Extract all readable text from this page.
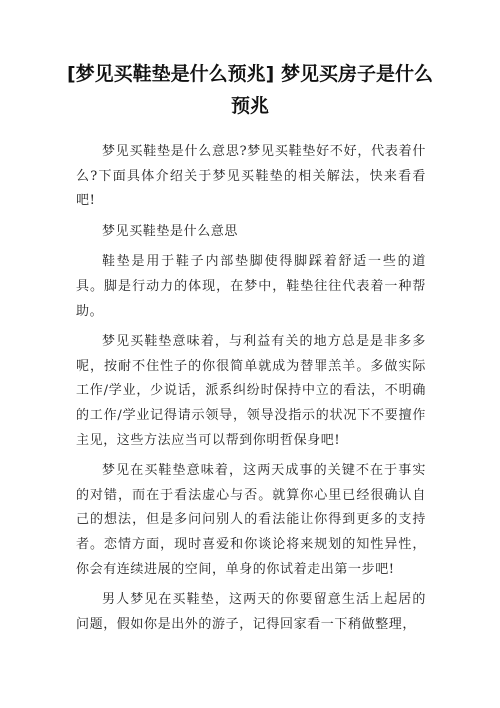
[梦见买鞋垫是什么预兆] 梦见买房子是什么预兆

梦见买鞋垫是什么意思?梦见买鞋垫好不好，代表着什么?下面具体介绍关于梦见买鞋垫的相关解法，快来看看吧!

梦见买鞋垫是什么意思

鞋垫是用于鞋子内部垫脚使得脚踩着舒适一些的道具。脚是行动力的体现，在梦中，鞋垫往往代表着一种帮助。

梦见买鞋垫意味着，与利益有关的地方总是是非多多呢，按耐不住性子的你很简单就成为替罪羔羊。多做实际工作/学业，少说话，派系纠纷时保持中立的看法，不明确的工作/学业记得请示领导，领导没指示的状况下不要擅作主见，这些方法应当可以帮到你明哲保身吧!

梦见在买鞋垫意味着，这两天成事的关键不在于事实的对错，而在于看法虚心与否。就算你心里已经很确认自己的想法，但是多问问别人的看法能让你得到更多的支持者。恋情方面，现时喜爱和你谈论将来规划的知性异性，你会有连续进展的空间，单身的你试着走出第一步吧!

男人梦见在买鞋垫，这两天的你要留意生活上起居的问题，假如你是出外的游子，记得回家看一下稍做整理，
